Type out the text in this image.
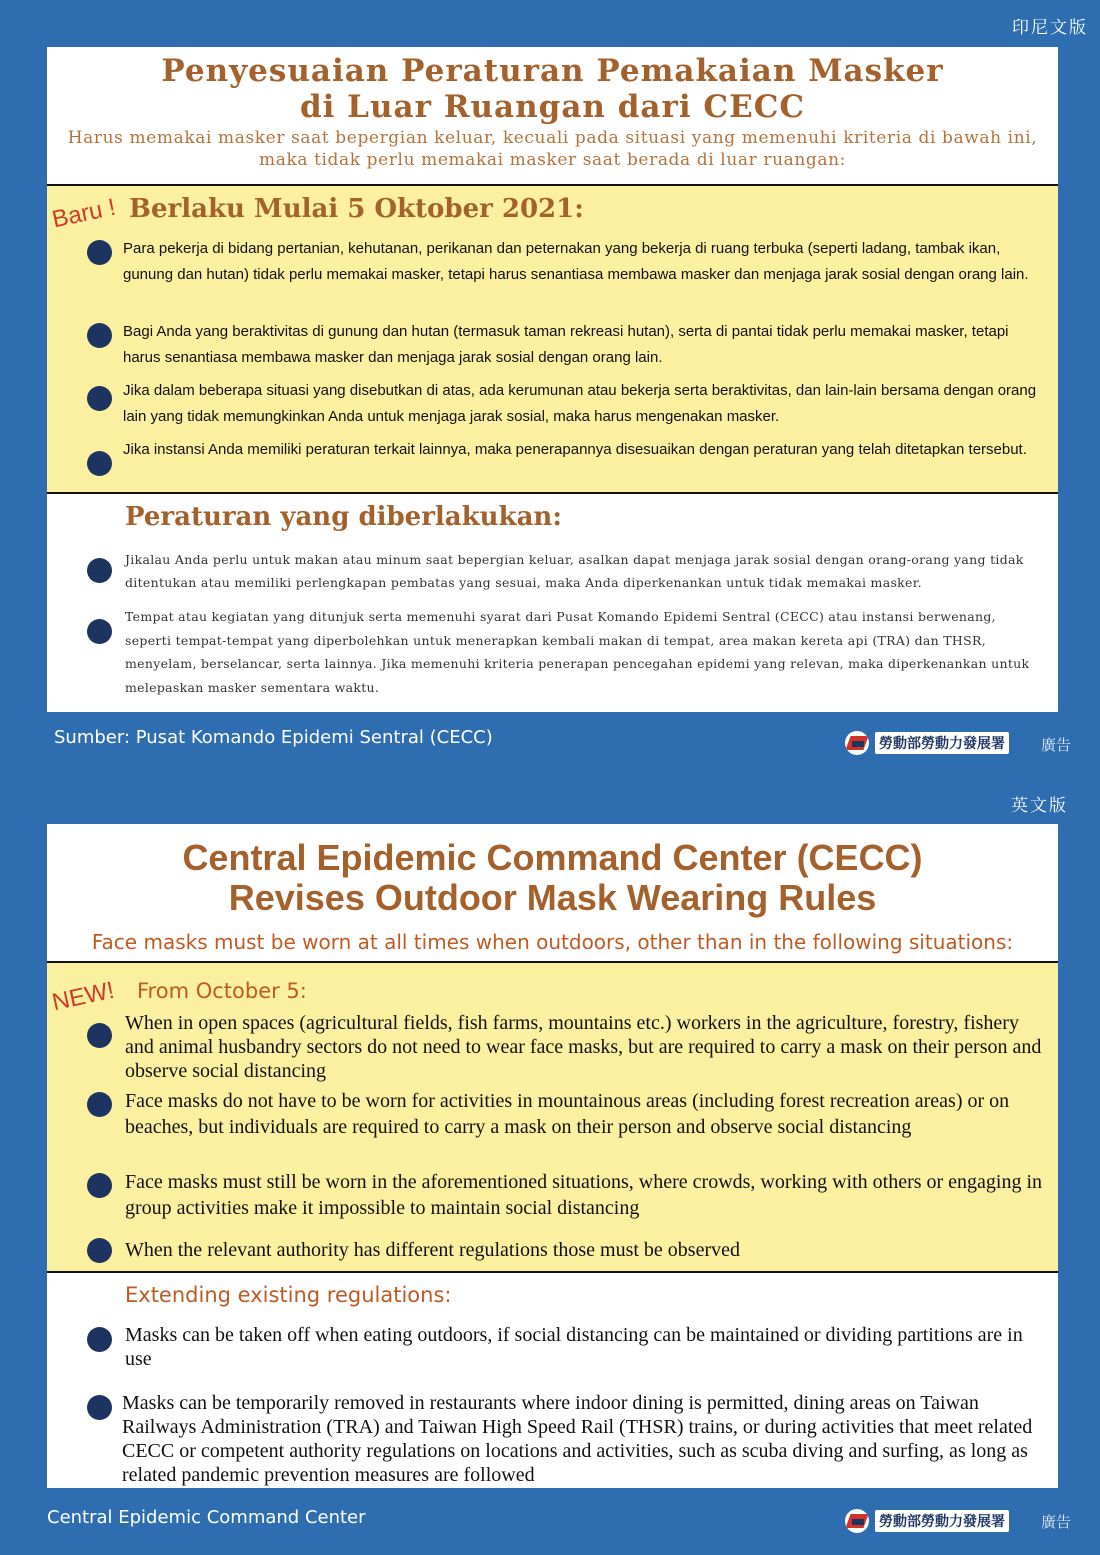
印尼文版

Penyesuaian Peraturan Pemakaian Masker

di Luar Ruangan dari CECC

Harus memakai masker saat bepergian keluar, kecuali pada situasi yang memenuhi kriteria di bawah ini,

maka tidak perlu memakai masker saat berada di luar ruangan:

Baru ! Berlaku Mulai 5 Oktober 2021:
Para pekerja di bidang pertanian, kehutanan, perikanan dan peternakan yang bekerja di ruang terbuka (seperti ladang, tambak ikan, gunung dan hutan) tidak perlu memakai masker, tetapi harus senantiasa membawa masker dan menjaga jarak sosial dengan orang lain.
Bagi Anda yang beraktivitas di gunung dan hutan (termasuk taman rekreasi hutan), serta di pantai tidak perlu memakai masker, tetapi harus senantiasa membawa masker dan menjaga jarak sosial dengan orang lain.
Jika dalam beberapa situasi yang disebutkan di atas, ada kerumunan atau bekerja serta beraktivitas, dan lain-lain bersama dengan orang lain yang tidak memungkinkan Anda untuk menjaga jarak sosial, maka harus mengenakan masker.
Jika instansi Anda memiliki peraturan terkait lainnya, maka penerapannya disesuaikan dengan peraturan yang telah ditetapkan tersebut.
Peraturan yang diberlakukan:
Jikalau Anda perlu untuk makan atau minum saat bepergian keluar, asalkan dapat menjaga jarak sosial dengan orang-orang yang tidak ditentukan atau memiliki perlengkapan pembatas yang sesuai, maka Anda diperkenankan untuk tidak memakai masker.
Tempat atau kegiatan yang ditunjuk serta memenuhi syarat dari Pusat Komando Epidemi Sentral (CECC) atau instansi berwenang, seperti tempat-tempat yang diperbolehkan untuk menerapkan kembali makan di tempat, area makan kereta api (TRA) dan THSR, menyelam, berselancar, serta lainnya. Jika memenuhi kriteria penerapan pencegahan epidemi yang relevan, maka diperkenankan untuk melepaskan masker sementara waktu.
Sumber: Pusat Komando Epidemi Sentral (CECC)	勞動部勞動力發展署 廣告
英文版

Central Epidemic Command Center (CECC)

Revises Outdoor Mask Wearing Rules

Face masks must be worn at all times when outdoors, other than in the following situations:

NEW! From October 5:
When in open spaces (agricultural fields, fish farms, mountains etc.) workers in the agriculture, forestry, fishery and animal husbandry sectors do not need to wear face masks, but are required to carry a mask on their person and observe social distancing
Face masks do not have to be worn for activities in mountainous areas (including forest recreation areas) or on beaches, but individuals are required to carry a mask on their person and observe social distancing
Face masks must still be worn in the aforementioned situations, where crowds, working with others or engaging in group activities make it impossible to maintain social distancing
When the relevant authority has different regulations those must be observed
Extending existing regulations:
Masks can be taken off when eating outdoors, if social distancing can be maintained or dividing partitions are in use
Masks can be temporarily removed in restaurants where indoor dining is permitted, dining areas on Taiwan Railways Administration (TRA) and Taiwan High Speed Rail (THSR) trains, or during activities that meet related CECC or competent authority regulations on locations and activities, such as scuba diving and surfing, as long as related pandemic prevention measures are followed
Central Epidemic Command Center	勞動部勞動力發展署 廣告
